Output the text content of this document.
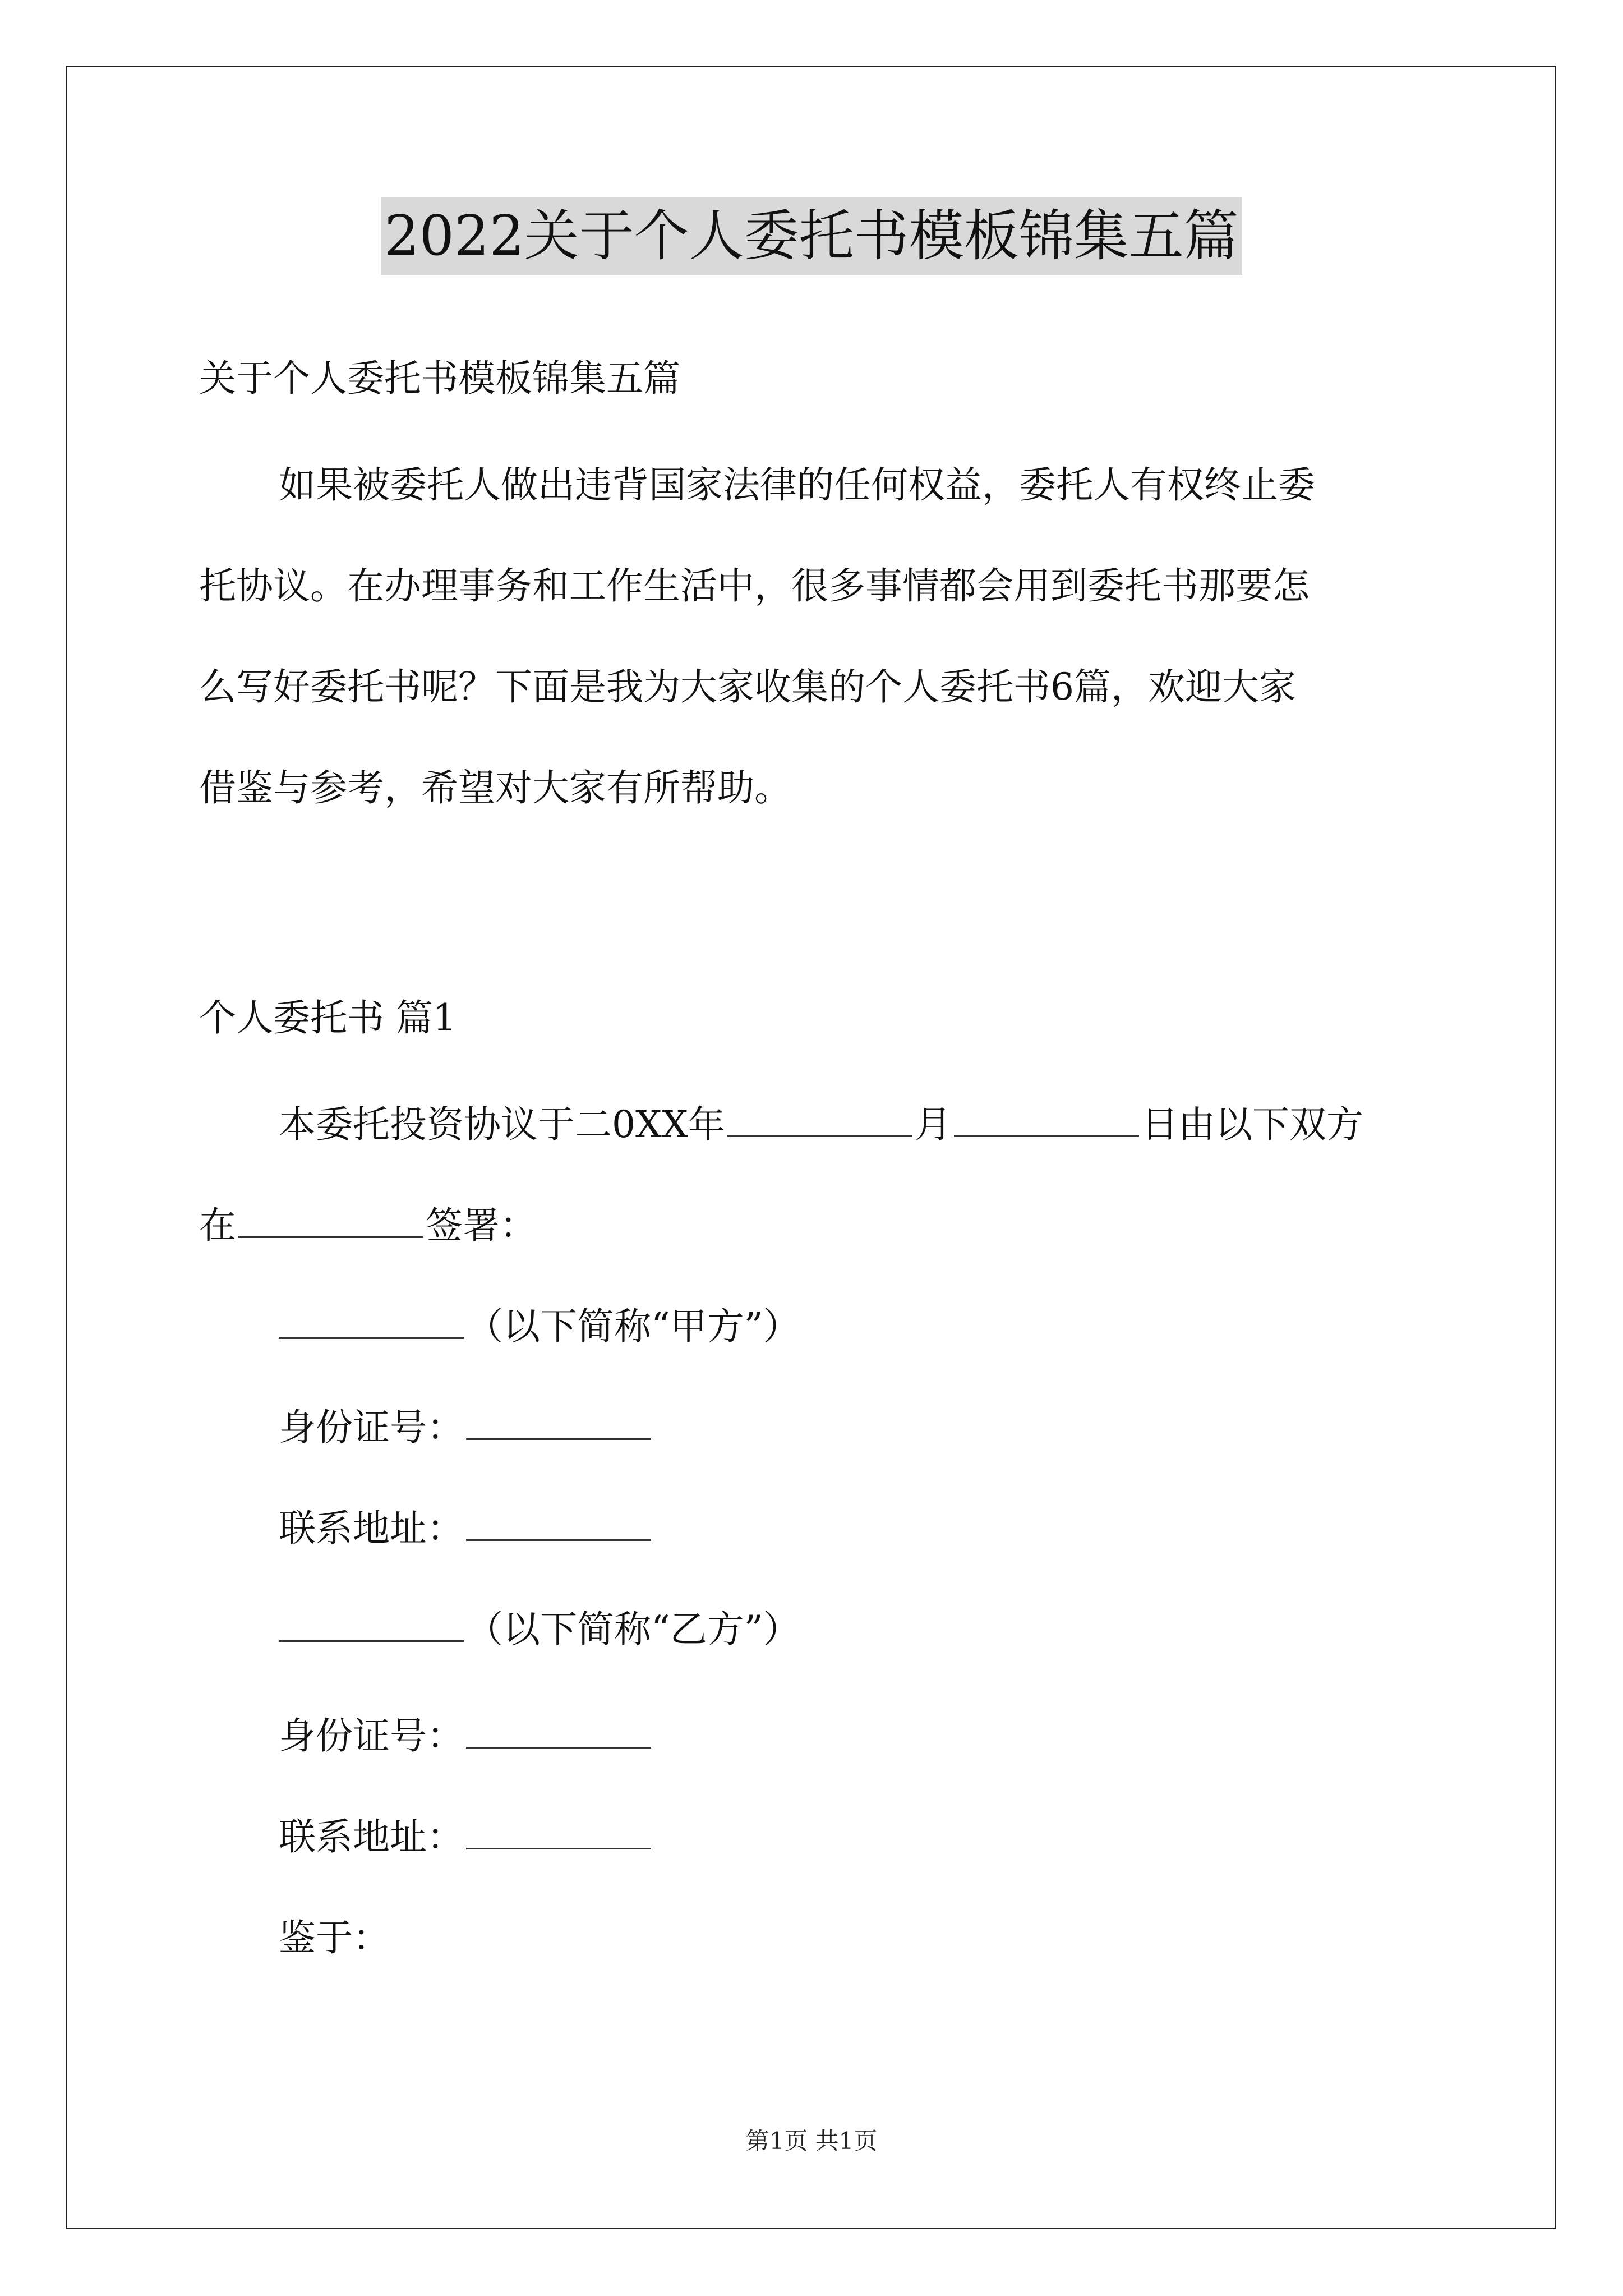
2022关于个人委托书模板锦集五篇
关于个人委托书模板锦集五篇
如果被委托人做出违背国家法律的任何权益，委托人有权终止委
托协议。在办理事务和工作生活中，很多事情都会用到委托书那要怎
么写好委托书呢？下面是我为大家收集的个人委托书6篇，欢迎大家
借鉴与参考，希望对大家有所帮助。
个人委托书 篇1
本委托投资协议于二0XX年	月	日由以下双方
在	签署：
（以下简称“甲方”）
身份证号：
联系地址：
（以下简称“乙方”）
身份证号：
联系地址：
鉴于：
第1页 共1页
